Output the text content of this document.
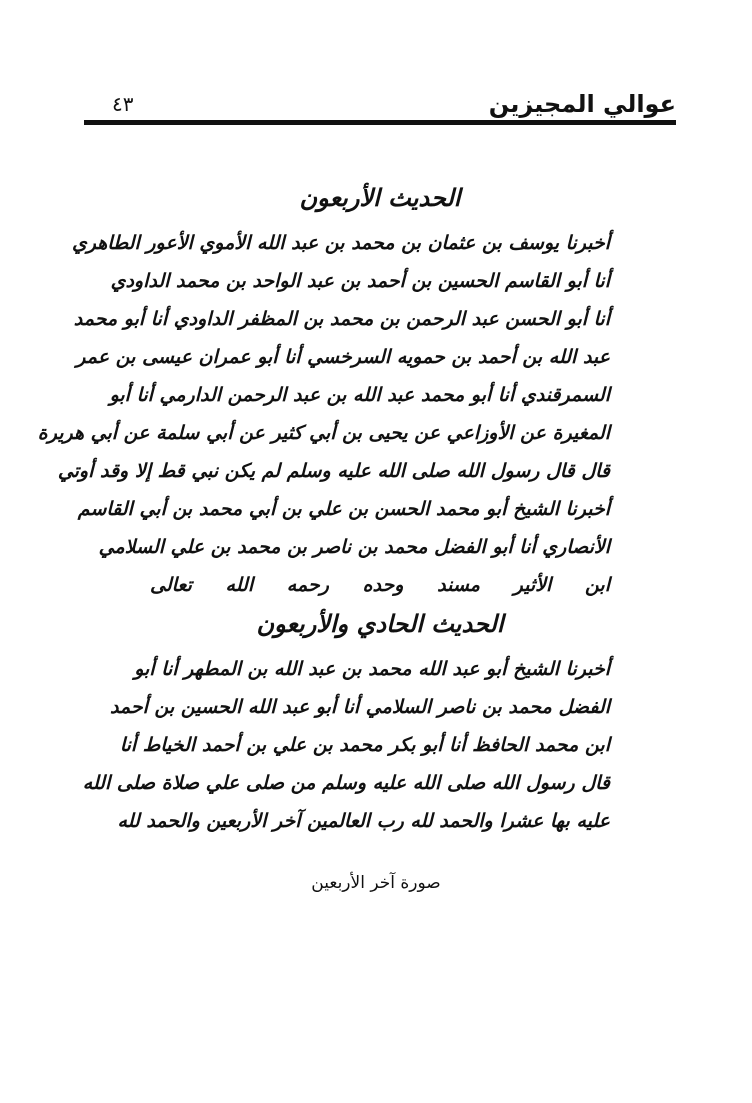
عوالي المجيزين
٤٣
الحديث الأربعون
أخبرنا يوسف بن عثمان بن محمد بن عبد الله الأموي الأعور الطاهري
أنا أبو القاسم الحسين بن أحمد بن عبد الواحد بن محمد الداودي
أنا أبو الحسن عبد الرحمن بن محمد بن المظفر الداودي أنا أبو محمد
عبد الله بن أحمد بن حمويه السرخسي أنا أبو عمران عيسى بن عمر
السمرقندي أنا أبو محمد عبد الله بن عبد الرحمن الدارمي أنا أبو
المغيرة عن الأوزاعي عن يحيى بن أبي كثير عن أبي سلمة عن أبي هريرة
قال قال رسول الله صلى الله عليه وسلم لم يكن نبي قط إلا وقد أوتي
أخبرنا الشيخ أبو محمد الحسن بن علي بن أبي محمد بن أبي القاسم
الأنصاري أنا أبو الفضل محمد بن ناصر بن محمد بن علي السلامي
ابن الأثير مسند وحده رحمه الله تعالى
الحديث الحادي والأربعون
أخبرنا الشيخ أبو عبد الله محمد بن عبد الله بن المطهر أنا أبو
الفضل محمد بن ناصر السلامي أنا أبو عبد الله الحسين بن أحمد
ابن محمد الحافظ أنا أبو بكر محمد بن علي بن أحمد الخياط أنا
قال رسول الله صلى الله عليه وسلم من صلى علي صلاة صلى الله
عليه بها عشرا والحمد لله رب العالمين آخر الأربعين والحمد لله
صورة آخر الأربعين
